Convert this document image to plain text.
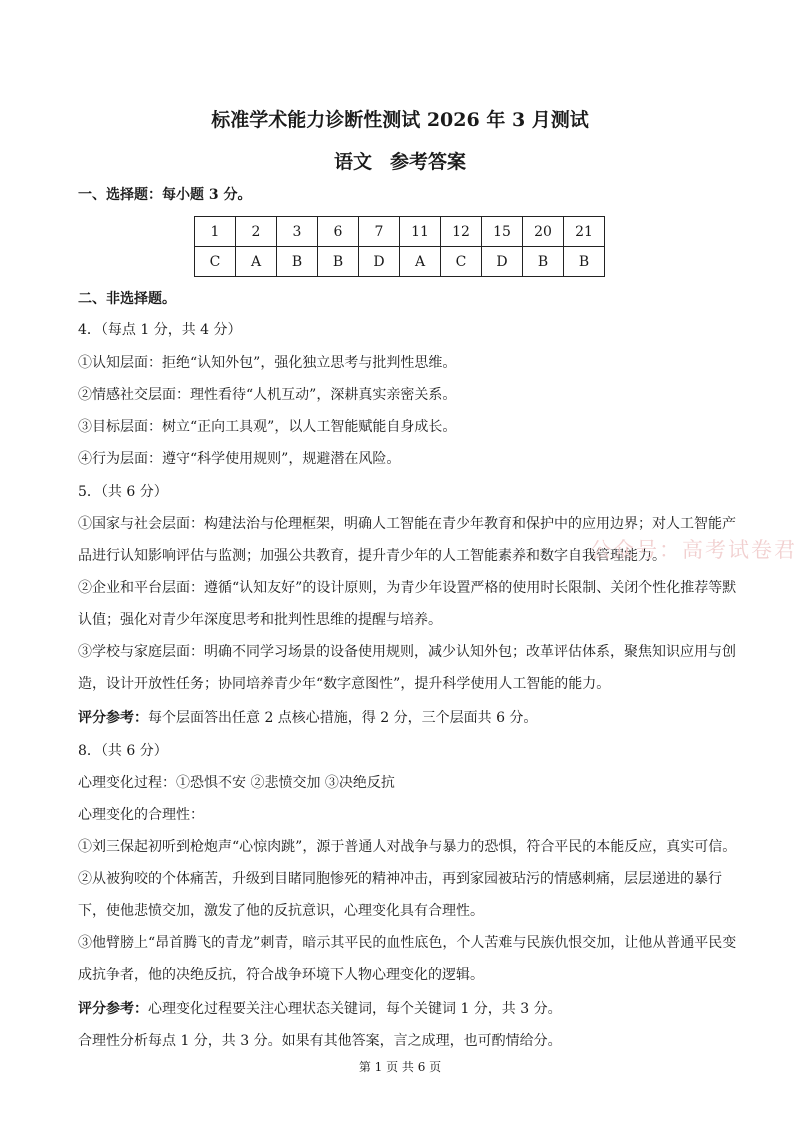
标准学术能力诊断性测试 2026 年 3 月测试
语文 参考答案
一、选择题：每小题 3 分。
1	2	3	6	7	11	12	15	20	21
C	A	B	B	D	A	C	D	B	B
二、非选择题。
4．（每点 1 分，共 4 分）
①认知层面：拒绝“认知外包”，强化独立思考与批判性思维。
②情感社交层面：理性看待“人机互动”，深耕真实亲密关系。
③目标层面：树立“正向工具观”，以人工智能赋能自身成长。
④行为层面：遵守“科学使用规则”，规避潜在风险。
5．（共 6 分）
①国家与社会层面：构建法治与伦理框架，明确人工智能在青少年教育和保护中的应用边界；对人工智能产品进行认知影响评估与监测；加强公共教育，提升青少年的人工智能素养和数字自我管理能力。
②企业和平台层面：遵循“认知友好”的设计原则，为青少年设置严格的使用时长限制、关闭个性化推荐等默认值；强化对青少年深度思考和批判性思维的提醒与培养。
③学校与家庭层面：明确不同学习场景的设备使用规则，减少认知外包；改革评估体系，聚焦知识应用与创造，设计开放性任务；协同培养青少年“数字意图性”，提升科学使用人工智能的能力。
评分参考：每个层面答出任意 2 点核心措施，得 2 分，三个层面共 6 分。
8．（共 6 分）
心理变化过程：①恐惧不安 ②悲愤交加 ③决绝反抗
心理变化的合理性：
①刘三保起初听到枪炮声“心惊肉跳”，源于普通人对战争与暴力的恐惧，符合平民的本能反应，真实可信。
②从被狗咬的个体痛苦，升级到目睹同胞惨死的精神冲击，再到家园被玷污的情感刺痛，层层递进的暴行下，使他悲愤交加，激发了他的反抗意识，心理变化具有合理性。
③他臂膀上“昂首腾飞的青龙”刺青，暗示其平民的血性底色，个人苦难与民族仇恨交加，让他从普通平民变成抗争者，他的决绝反抗，符合战争环境下人物心理变化的逻辑。
评分参考：心理变化过程要关注心理状态关键词，每个关键词 1 分，共 3 分。
合理性分析每点 1 分，共 3 分。如果有其他答案，言之成理，也可酌情给分。
公众号：高考试卷君
第 1 页 共 6 页
